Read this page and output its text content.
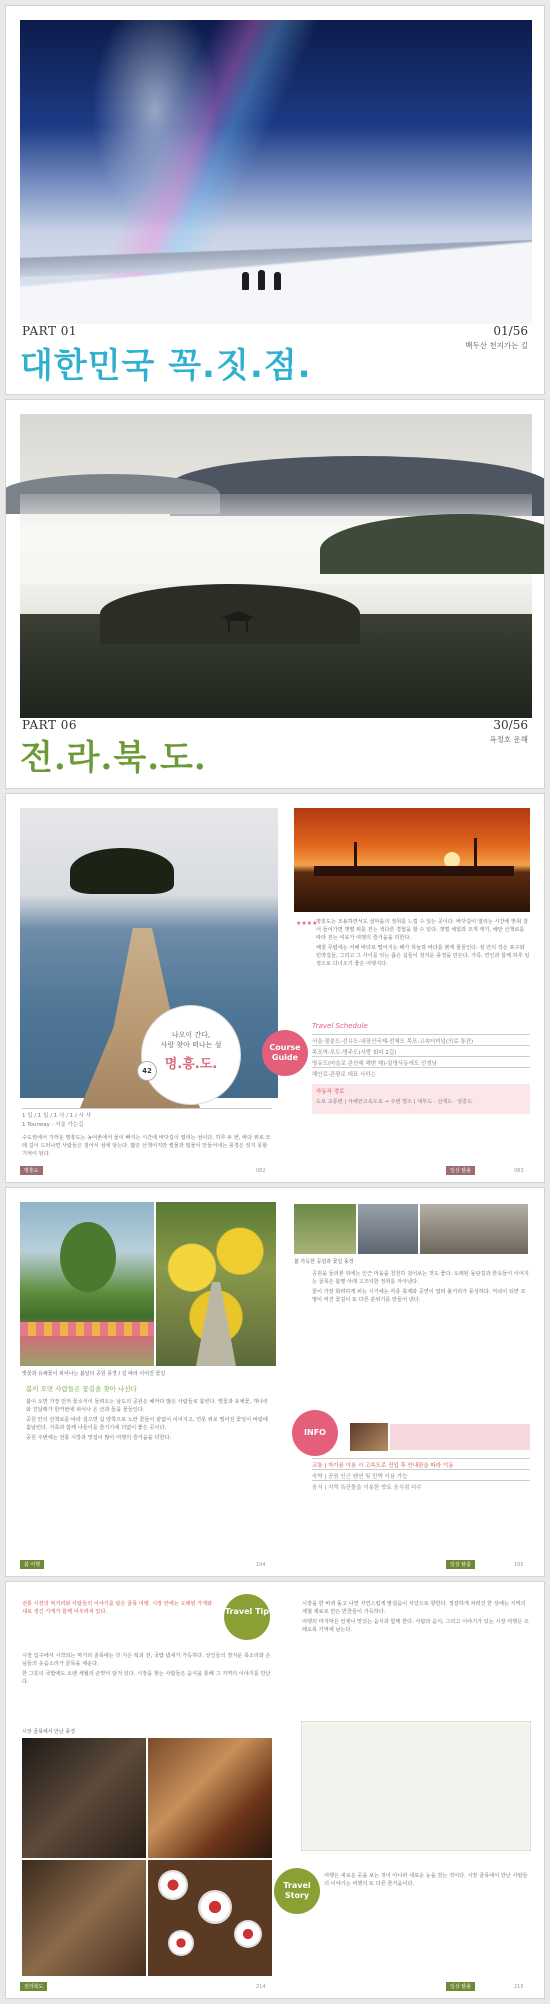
PART 01
대한민국 꼭.짓.점.
01/56
백두산 천지가는 길
PART 06
전.라.북.도.
30/56
옥정호 운해
나오이 간다,
사랑 찾아 떠나는 섬
명.흥.도.
42
1 일 / 1 일 / 1 사 / 1 / 사 사
1 Tourway · 서울 가는길

수도권에서 가까운 명흥도는 농어촌에서 물이 빠지는 시간에 바닷길이 열리는 섬이다. 하루 두 번, 바다 위로 모래 길이 드러나면 사람들은 걸어서 섬에 닿는다. 짧은 산책이지만 썰물과 밀물이 만들어내는 풍경은 잊지 못할 기억이 된다.

★★★★

명흥도는 조용하면서도 섬마을의 정취를 느낄 수 있는 곳이다. 바닷길이 열리는 시간에 맞춰 걸어 들어가면 갯벌 위를 걷는 색다른 경험을 할 수 있다. 갯벌 체험과 조개 캐기, 해안 산책로를 따라 걷는 여유가 여행의 즐거움을 더한다.

해질 무렵에는 서해 바다로 떨어지는 해가 하늘과 바다를 붉게 물들인다. 섬 안의 작은 포구와 민박집들, 그리고 그 사이를 잇는 좁은 길들이 정겨운 풍경을 만든다. 가족, 연인과 함께 하루 일정으로 다녀오기 좋은 여행지다.

Course Guide
Travel Schedule
서울-물분도-선유도-내장산국제-전체도 목포-고속터미널(의료 통관)
목포역-모도-명주도(사랑 회피 2길)
명유도(마을로 관산해 해변 해)-일명사동에도 선생님
해안로-관광로 대표 사하는
자동차 경로
도로 교통편 | 서해안고속도로 → 주변 명소 | 대부도 · 선재도 · 영흥도
명흥도	082	일상 탈출	083
벚꽃과 유채꽃이 피어나는 봄날의 공원 풍경 / 길 따라 이어진 꽃길
봄이 오면 사람들은 꽃길을 찾아 나선다

봄이 오면 가장 먼저 꽃소식이 들려오는 남도의 공원은 해마다 많은 사람들로 붐빈다. 벚꽃과 유채꽃, 개나리와 진달래가 한꺼번에 피어나 온 산과 들을 물들인다.

공원 안의 산책로를 따라 걸으면 길 양쪽으로 노란 꽃들이 끝없이 이어지고, 연못 위로 떨어진 꽃잎이 바람에 흩날린다. 가족과 함께 나들이를 즐기기에 더없이 좋은 곳이다.

공원 주변에는 전통 시장과 맛집이 많아 여행의 즐거움을 더한다.

봄 가득한 공원과 꽃길 풍경

공원을 둘러본 뒤에는 인근 마을을 천천히 걸어보는 것도 좋다. 오래된 돌담길과 한옥들이 이어지는 골목은 봄볕 아래 고즈넉한 정취를 자아낸다.

꽃이 가장 화려하게 피는 시기에는 각종 축제와 공연이 열려 볼거리가 풍성하다. 저녁이 되면 조명이 켜진 꽃길이 또 다른 분위기를 만들어 낸다.

INFO
교통 | 자가용 이용 시 고속도로 진입 후 안내판을 따라 이동
숙박 | 공원 인근 펜션 및 민박 이용 가능
음식 | 지역 특산물을 이용한 향토 음식점 다수
봄 여행	104	일상 탈출	105

전통 시장의 먹거리와 사람들의 이야기를 담은 골목 여행. 시장 안에는 오래된 가게와 새로 생긴 가게가 함께 어우러져 있다.	Travel Tip

시장 입구에서 시작되는 먹거리 골목에는 갓 지은 떡과 전, 국밥 냄새가 가득하다. 상인들의 정겨운 목소리와 손님들의 웃음소리가 골목을 채운다.

한 그릇의 국밥에도 오랜 세월의 손맛이 담겨 있다. 시장을 찾는 사람들은 음식을 통해 그 지역의 이야기를 만난다.

시장 골목에서 만난 풍경

시장을 한 바퀴 돌고 나면 자연스럽게 발걸음이 식당으로 향한다. 정갈하게 차려진 한 상에는 지역의 제철 재료로 만든 반찬들이 가득하다.

여행의 마지막은 언제나 맛있는 음식과 함께 한다. 사람과 음식, 그리고 이야기가 있는 시장 여행은 오래도록 기억에 남는다.

Travel Story

여행은 새로운 곳을 보는 것이 아니라 새로운 눈을 갖는 것이다. 시장 골목에서 만난 사람들의 이야기는 여행의 또 다른 즐거움이다.

전라북도	214	일상 탈출	215
